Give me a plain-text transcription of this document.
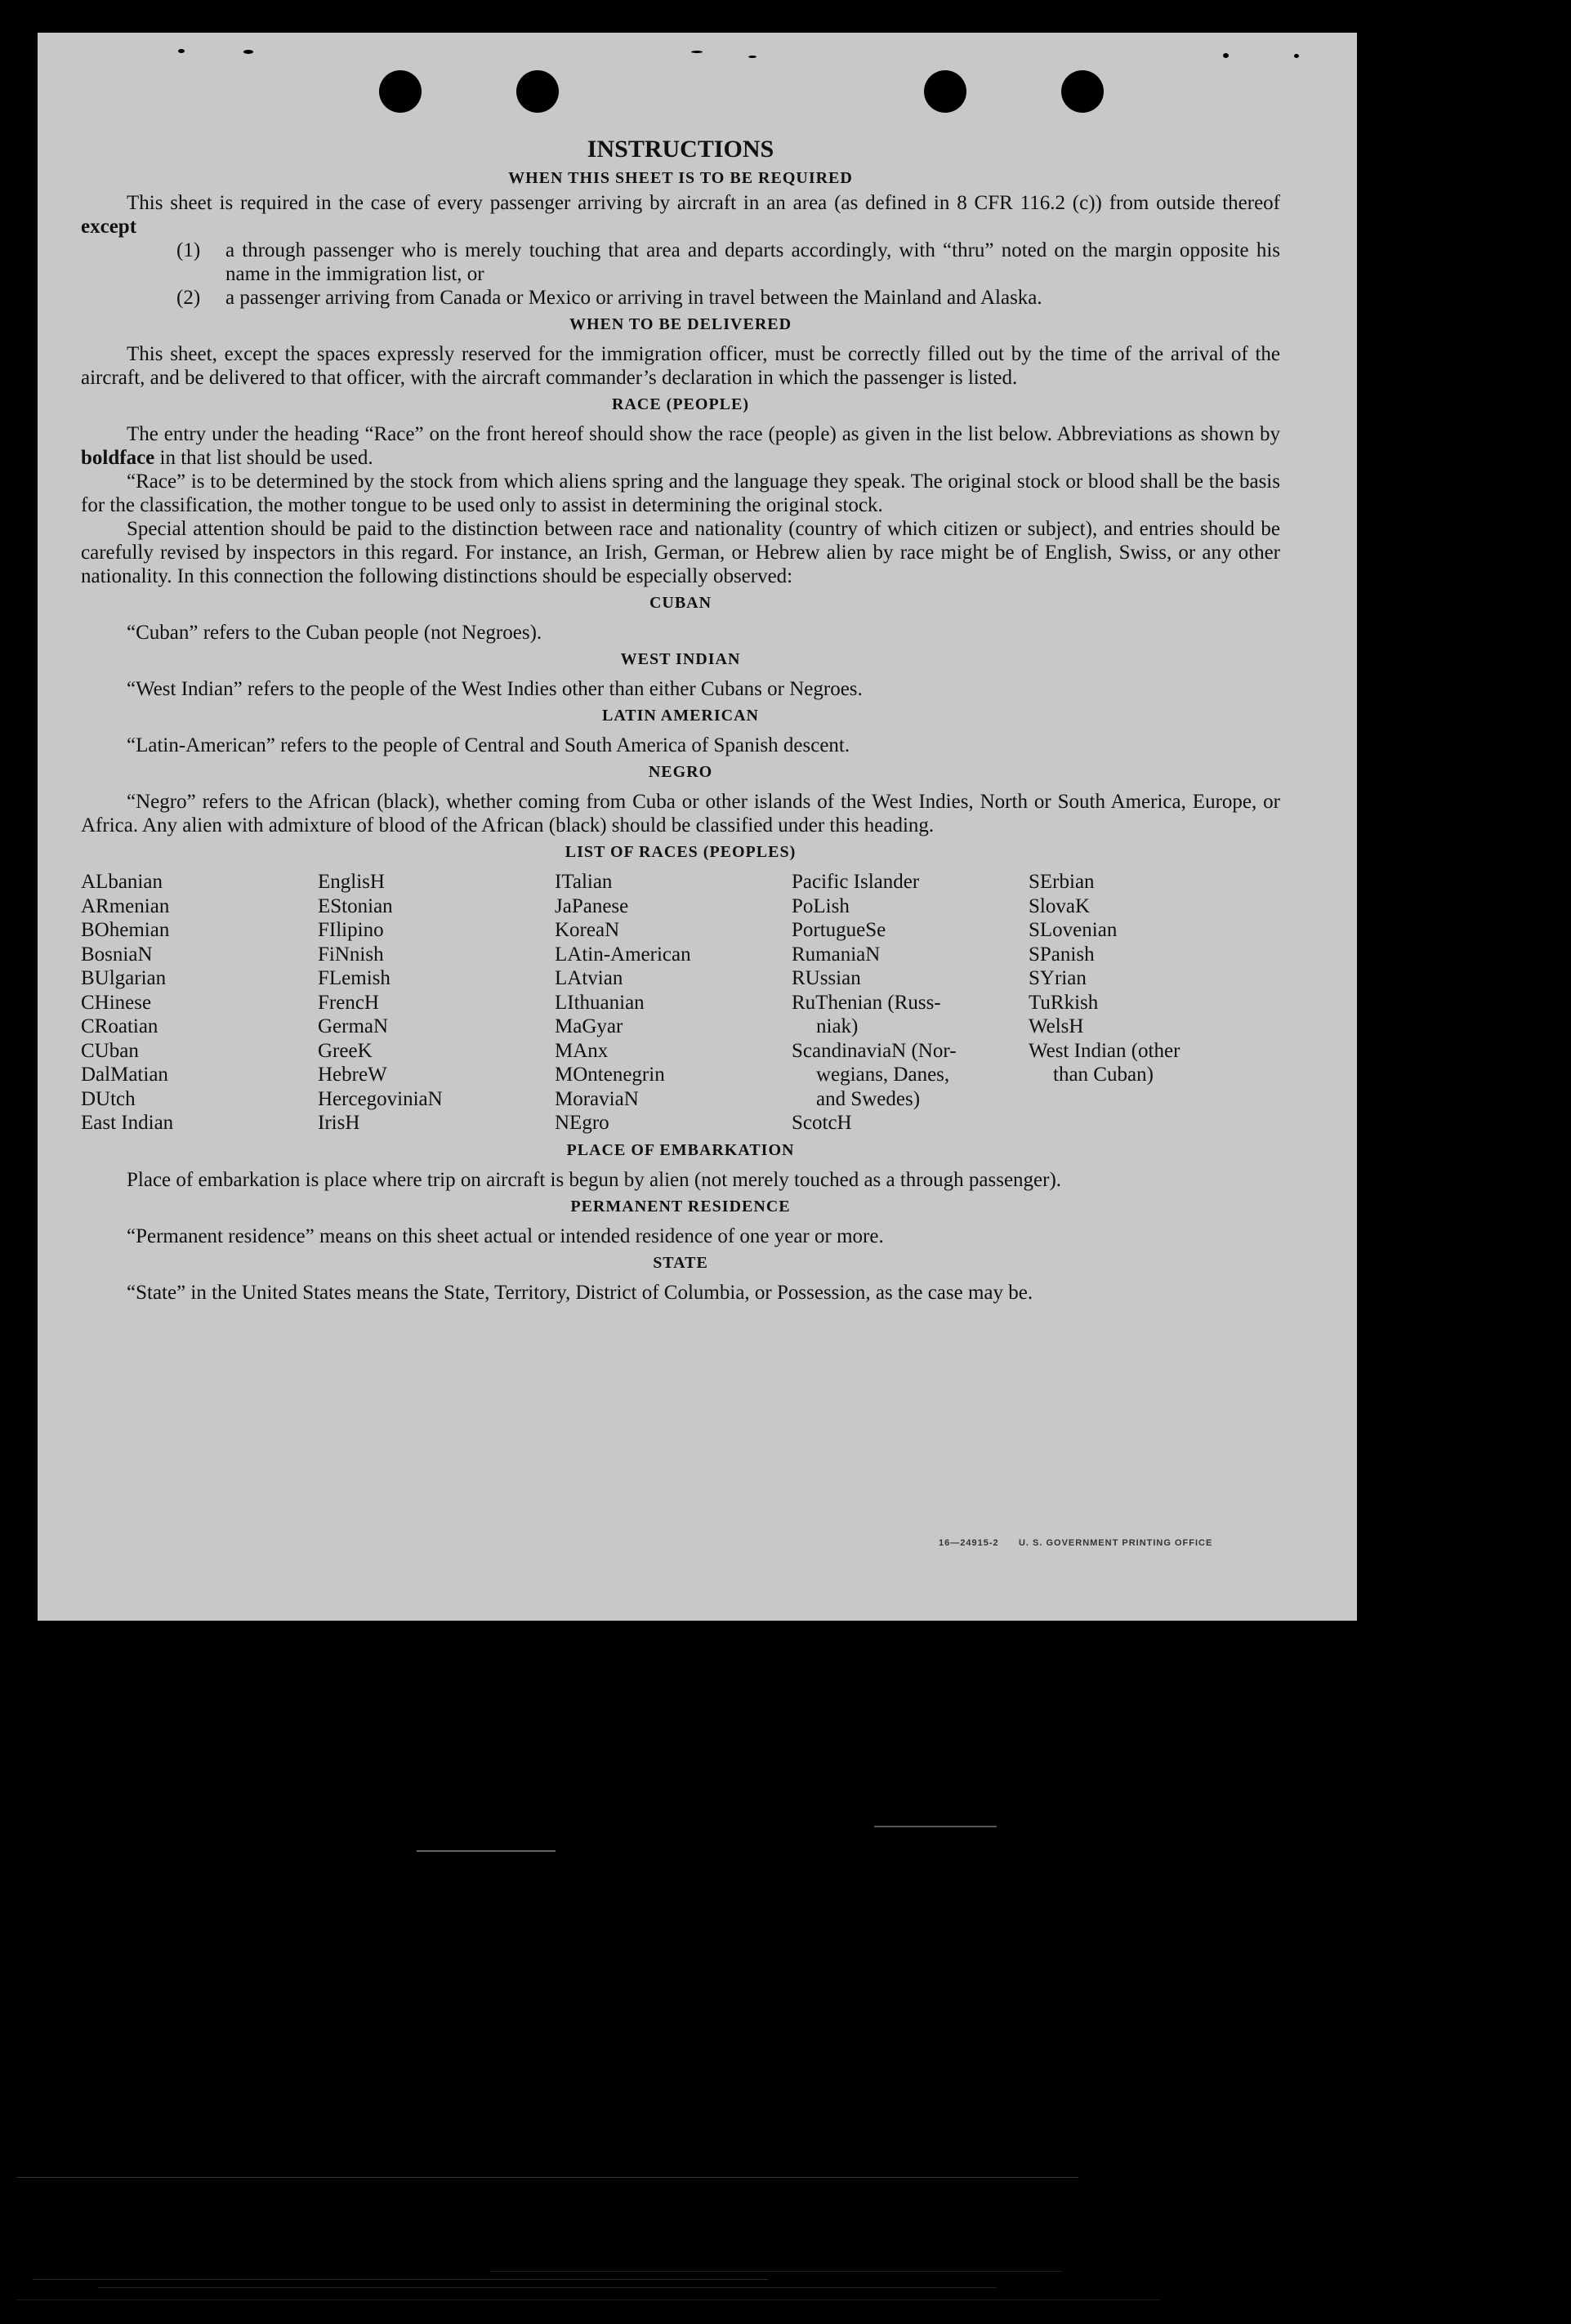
INSTRUCTIONS
WHEN THIS SHEET IS TO BE REQUIRED

This sheet is required in the case of every passenger arriving by aircraft in an area (as defined in 8 CFR 116.2 (c)) from outside thereof except

(1)	a through passenger who is merely touching that area and departs accordingly, with “thru” noted on the margin opposite his name in the immigration list, or
(2)	a passenger arriving from Canada or Mexico or arriving in travel between the Mainland and Alaska.
WHEN TO BE DELIVERED

This sheet, except the spaces expressly reserved for the immigration officer, must be correctly filled out by the time of the arrival of the aircraft, and be delivered to that officer, with the aircraft commander’s declaration in which the passenger is listed.

RACE (PEOPLE)

The entry under the heading “Race” on the front hereof should show the race (people) as given in the list below. Abbreviations as shown by boldface in that list should be used.

“Race” is to be determined by the stock from which aliens spring and the language they speak. The original stock or blood shall be the basis for the classification, the mother tongue to be used only to assist in determining the original stock.

Special attention should be paid to the distinction between race and nationality (country of which citizen or subject), and entries should be carefully revised by inspectors in this regard. For instance, an Irish, German, or Hebrew alien by race might be of English, Swiss, or any other nationality. In this connection the following distinctions should be especially observed:

CUBAN

“Cuban” refers to the Cuban people (not Negroes).

WEST INDIAN

“West Indian” refers to the people of the West Indies other than either Cubans or Negroes.

LATIN AMERICAN

“Latin-American” refers to the people of Central and South America of Spanish descent.

NEGRO

“Negro” refers to the African (black), whether coming from Cuba or other islands of the West Indies, North or South America, Europe, or Africa. Any alien with admixture of blood of the African (black) should be classified under this heading.

LIST OF RACES (PEOPLES)
ALbanian
ARmenian
BOhemian
BosniaN
BUlgarian
CHinese
CRoatian
CUban
DalMatian
DUtch
East Indian
EnglisH
EStonian
FIlipino
FiNnish
FLemish
FrencH
GermaN
GreeK
HebreW
HercegoviniaN
IrisH
ITalian
JaPanese
KoreaN
LAtin-American
LAtvian
LIthuanian
MaGyar
MAnx
MOntenegrin
MoraviaN
NEgro
Pacific Islander
PoLish
PortugueSe
RumaniaN
RUssian
RuThenian (Russ-
niak)
ScandinaviaN (Nor-
wegians, Danes,
and Swedes)
ScotcH
SErbian
SlovaK
SLovenian
SPanish
SYrian
TuRkish
WelsH
West Indian (other
than Cuban)
PLACE OF EMBARKATION

Place of embarkation is place where trip on aircraft is begun by alien (not merely touched as a through passenger).

PERMANENT RESIDENCE

“Permanent residence” means on this sheet actual or intended residence of one year or more.

STATE

“State” in the United States means the State, Territory, District of Columbia, or Possession, as the case may be.

16—24915-2 U. S. GOVERNMENT PRINTING OFFICE
